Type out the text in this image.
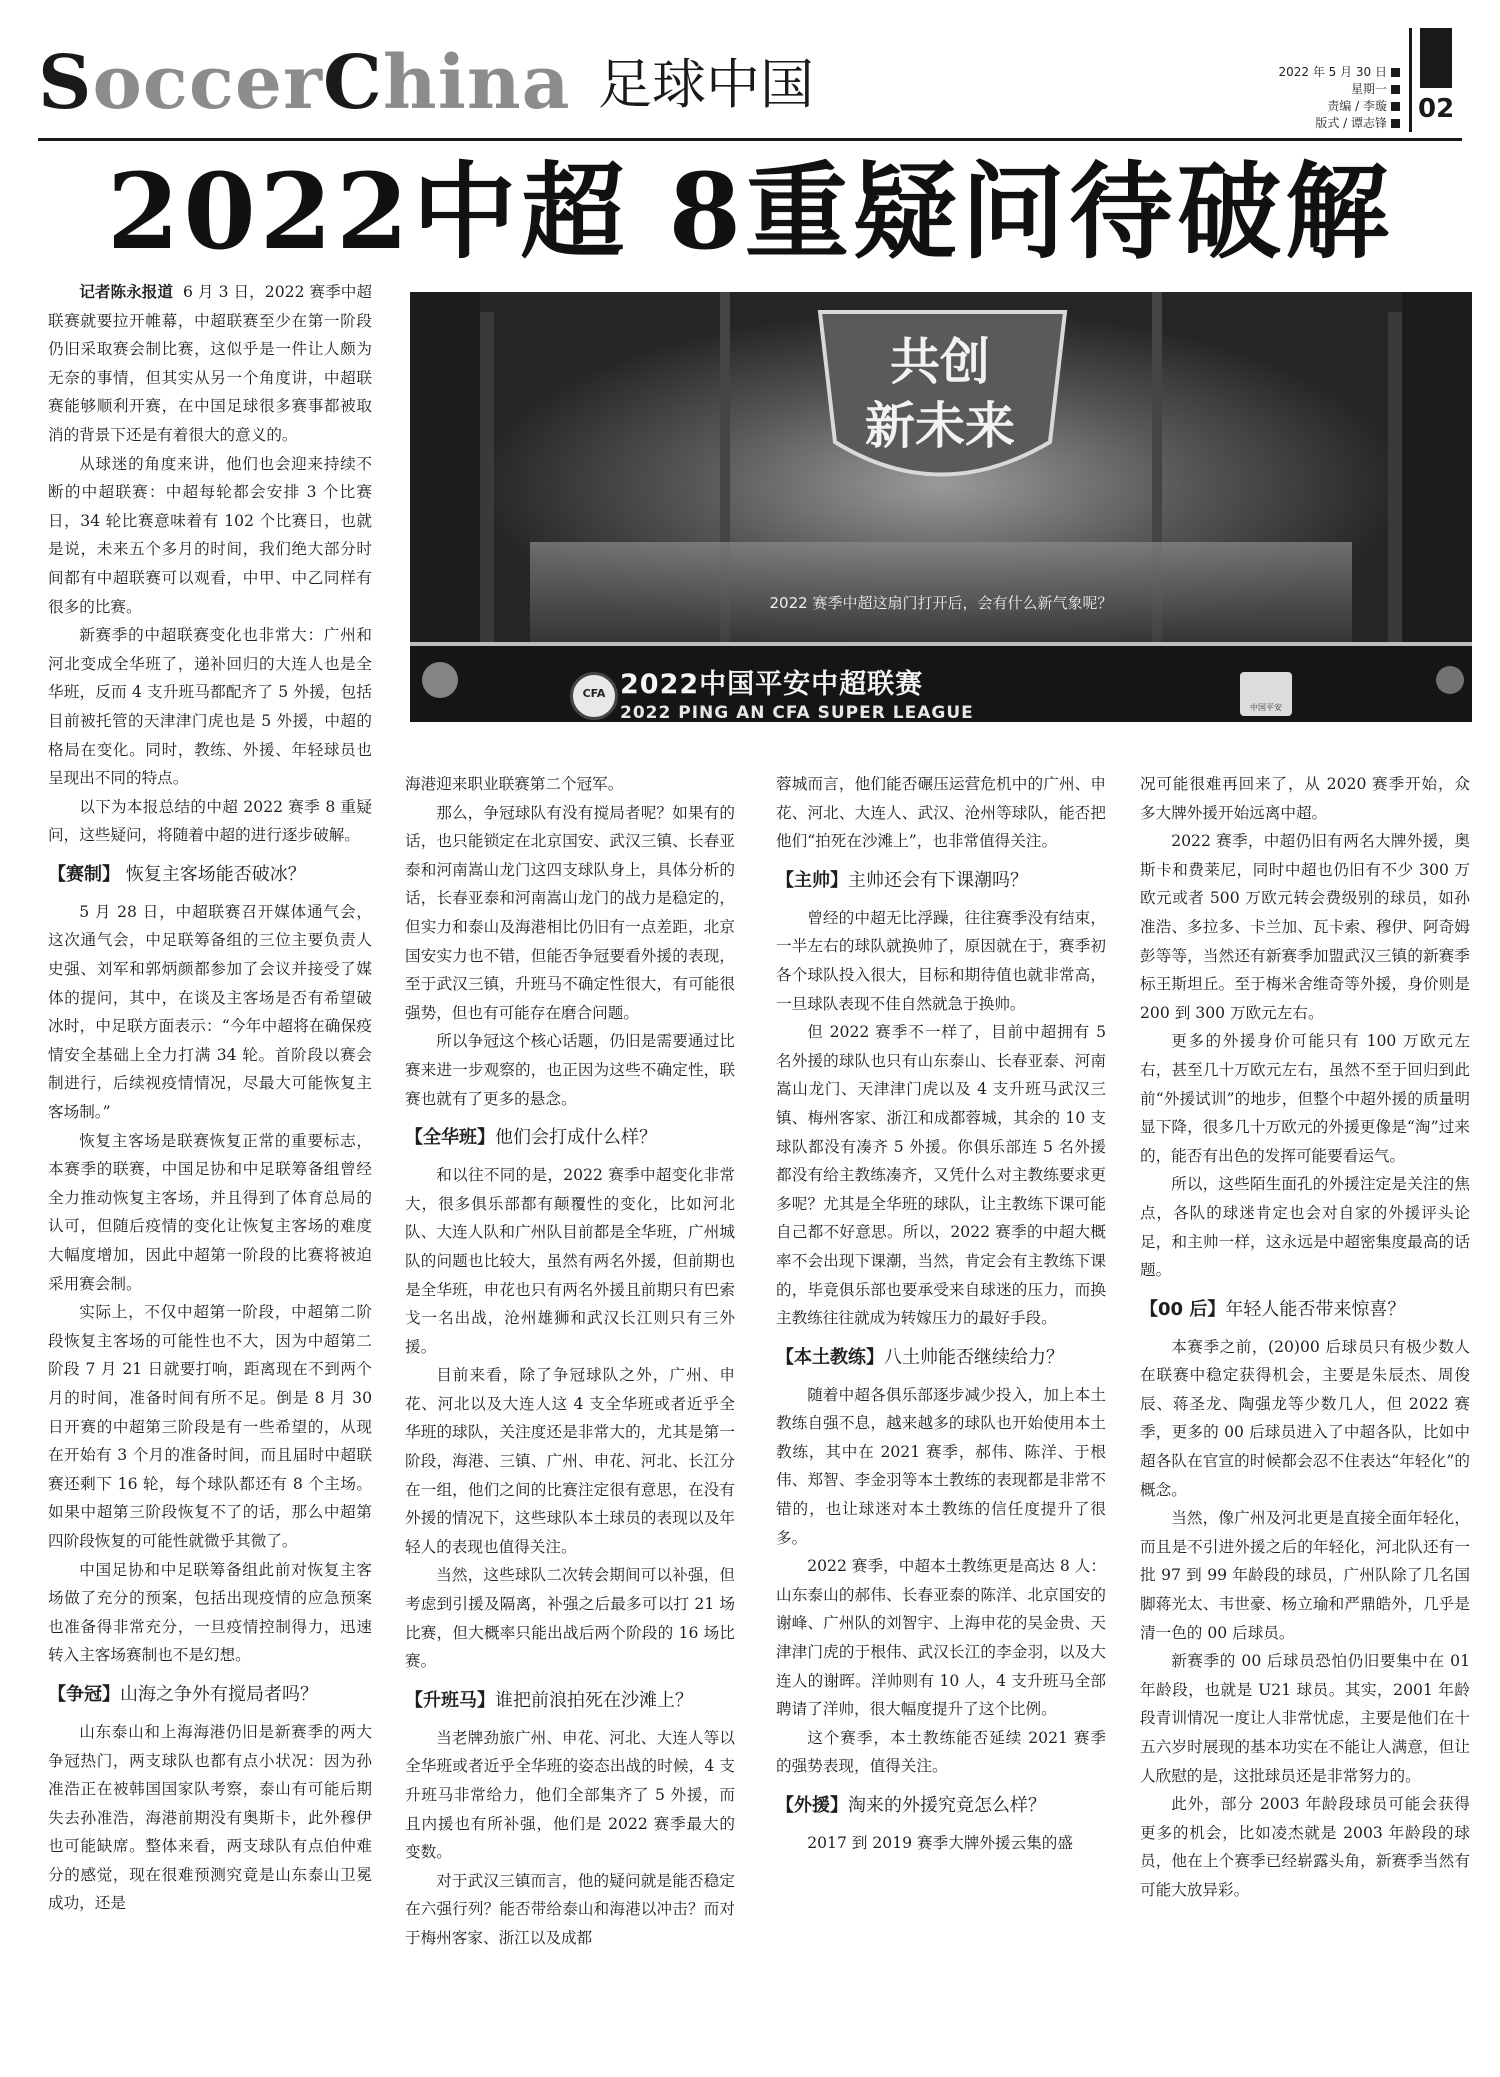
SoccerChina 足球中国	2022 年 5 月 30 日
星期一
责编 / 李璇
版式 / 谭志锋	02
2022中超 8重疑问待破解
共创
新未来
2022 赛季中超这扇门打开后，会有什么新气象呢？
CFA 2022中国平安中超联赛
2022 PING AN CFA SUPER LEAGUE	中国平安

记者陈永报道 6 月 3 日，2022 赛季中超联赛就要拉开帷幕，中超联赛至少在第一阶段仍旧采取赛会制比赛，这似乎是一件让人颇为无奈的事情，但其实从另一个角度讲，中超联赛能够顺利开赛，在中国足球很多赛事都被取消的背景下还是有着很大的意义的。

从球迷的角度来讲，他们也会迎来持续不断的中超联赛：中超每轮都会安排 3 个比赛日，34 轮比赛意味着有 102 个比赛日，也就是说，未来五个多月的时间，我们绝大部分时间都有中超联赛可以观看，中甲、中乙同样有很多的比赛。

新赛季的中超联赛变化也非常大：广州和河北变成全华班了，递补回归的大连人也是全华班，反而 4 支升班马都配齐了 5 外援，包括目前被托管的天津津门虎也是 5 外援，中超的格局在变化。同时，教练、外援、年轻球员也呈现出不同的特点。

以下为本报总结的中超 2022 赛季 8 重疑问，这些疑问，将随着中超的进行逐步破解。

【赛制】 恢复主客场能否破冰？

5 月 28 日，中超联赛召开媒体通气会，这次通气会，中足联筹备组的三位主要负责人史强、刘军和郭炳颜都参加了会议并接受了媒体的提问，其中，在谈及主客场是否有希望破冰时，中足联方面表示：“今年中超将在确保疫情安全基础上全力打满 34 轮。首阶段以赛会制进行，后续视疫情情况，尽最大可能恢复主客场制。”

恢复主客场是联赛恢复正常的重要标志，本赛季的联赛，中国足协和中足联筹备组曾经全力推动恢复主客场，并且得到了体育总局的认可，但随后疫情的变化让恢复主客场的难度大幅度增加，因此中超第一阶段的比赛将被迫采用赛会制。

实际上，不仅中超第一阶段，中超第二阶段恢复主客场的可能性也不大，因为中超第二阶段 7 月 21 日就要打响，距离现在不到两个月的时间，准备时间有所不足。倒是 8 月 30 日开赛的中超第三阶段是有一些希望的，从现在开始有 3 个月的准备时间，而且届时中超联赛还剩下 16 轮，每个球队都还有 8 个主场。如果中超第三阶段恢复不了的话，那么中超第四阶段恢复的可能性就微乎其微了。

中国足协和中足联筹备组此前对恢复主客场做了充分的预案，包括出现疫情的应急预案也准备得非常充分，一旦疫情控制得力，迅速转入主客场赛制也不是幻想。

【争冠】山海之争外有搅局者吗？

山东泰山和上海海港仍旧是新赛季的两大争冠热门，两支球队也都有点小状况：因为孙准浩正在被韩国国家队考察，泰山有可能后期失去孙准浩，海港前期没有奥斯卡，此外穆伊也可能缺席。整体来看，两支球队有点伯仲难分的感觉，现在很难预测究竟是山东泰山卫冕成功，还是

海港迎来职业联赛第二个冠军。

那么，争冠球队有没有搅局者呢？如果有的话，也只能锁定在北京国安、武汉三镇、长春亚泰和河南嵩山龙门这四支球队身上，具体分析的话，长春亚泰和河南嵩山龙门的战力是稳定的，但实力和泰山及海港相比仍旧有一点差距，北京国安实力也不错，但能否争冠要看外援的表现，至于武汉三镇，升班马不确定性很大，有可能很强势，但也有可能存在磨合问题。

所以争冠这个核心话题，仍旧是需要通过比赛来进一步观察的，也正因为这些不确定性，联赛也就有了更多的悬念。

【全华班】他们会打成什么样？

和以往不同的是，2022 赛季中超变化非常大，很多俱乐部都有颠覆性的变化，比如河北队、大连人队和广州队目前都是全华班，广州城队的问题也比较大，虽然有两名外援，但前期也是全华班，申花也只有两名外援且前期只有巴索戈一名出战，沧州雄狮和武汉长江则只有三外援。

目前来看，除了争冠球队之外，广州、申花、河北以及大连人这 4 支全华班或者近乎全华班的球队，关注度还是非常大的，尤其是第一阶段，海港、三镇、广州、申花、河北、长江分在一组，他们之间的比赛注定很有意思，在没有外援的情况下，这些球队本土球员的表现以及年轻人的表现也值得关注。

当然，这些球队二次转会期间可以补强，但考虑到引援及隔离，补强之后最多可以打 21 场比赛，但大概率只能出战后两个阶段的 16 场比赛。

【升班马】谁把前浪拍死在沙滩上？

当老牌劲旅广州、申花、河北、大连人等以全华班或者近乎全华班的姿态出战的时候，4 支升班马非常给力，他们全部集齐了 5 外援，而且内援也有所补强，他们是 2022 赛季最大的变数。

对于武汉三镇而言，他的疑问就是能否稳定在六强行列？能否带给泰山和海港以冲击？而对于梅州客家、浙江以及成都

蓉城而言，他们能否碾压运营危机中的广州、申花、河北、大连人、武汉、沧州等球队，能否把他们“拍死在沙滩上”，也非常值得关注。

【主帅】主帅还会有下课潮吗？

曾经的中超无比浮躁，往往赛季没有结束，一半左右的球队就换帅了，原因就在于，赛季初各个球队投入很大，目标和期待值也就非常高，一旦球队表现不佳自然就急于换帅。

但 2022 赛季不一样了，目前中超拥有 5 名外援的球队也只有山东泰山、长春亚泰、河南嵩山龙门、天津津门虎以及 4 支升班马武汉三镇、梅州客家、浙江和成都蓉城，其余的 10 支球队都没有凑齐 5 外援。你俱乐部连 5 名外援都没有给主教练凑齐，又凭什么对主教练要求更多呢？尤其是全华班的球队，让主教练下课可能自己都不好意思。所以，2022 赛季的中超大概率不会出现下课潮，当然，肯定会有主教练下课的，毕竟俱乐部也要承受来自球迷的压力，而换主教练往往就成为转嫁压力的最好手段。

【本土教练】八土帅能否继续给力？

随着中超各俱乐部逐步减少投入，加上本土教练自强不息，越来越多的球队也开始使用本土教练，其中在 2021 赛季，郝伟、陈洋、于根伟、郑智、李金羽等本土教练的表现都是非常不错的，也让球迷对本土教练的信任度提升了很多。

2022 赛季，中超本土教练更是高达 8 人：山东泰山的郝伟、长春亚泰的陈洋、北京国安的谢峰、广州队的刘智宇、上海申花的吴金贵、天津津门虎的于根伟、武汉长江的李金羽，以及大连人的谢晖。洋帅则有 10 人，4 支升班马全部聘请了洋帅，很大幅度提升了这个比例。

这个赛季，本土教练能否延续 2021 赛季的强势表现，值得关注。

【外援】淘来的外援究竟怎么样？

2017 到 2019 赛季大牌外援云集的盛

况可能很难再回来了，从 2020 赛季开始，众多大牌外援开始远离中超。

2022 赛季，中超仍旧有两名大牌外援，奥斯卡和费莱尼，同时中超也仍旧有不少 300 万欧元或者 500 万欧元转会费级别的球员，如孙准浩、多拉多、卡兰加、瓦卡索、穆伊、阿奇姆彭等等，当然还有新赛季加盟武汉三镇的新赛季标王斯坦丘。至于梅米舍维奇等外援，身价则是 200 到 300 万欧元左右。

更多的外援身价可能只有 100 万欧元左右，甚至几十万欧元左右，虽然不至于回归到此前“外援试训”的地步，但整个中超外援的质量明显下降，很多几十万欧元的外援更像是“淘”过来的，能否有出色的发挥可能要看运气。

所以，这些陌生面孔的外援注定是关注的焦点，各队的球迷肯定也会对自家的外援评头论足，和主帅一样，这永远是中超密集度最高的话题。

【00 后】年轻人能否带来惊喜？

本赛季之前，(20)00 后球员只有极少数人在联赛中稳定获得机会，主要是朱辰杰、周俊辰、蒋圣龙、陶强龙等少数几人，但 2022 赛季，更多的 00 后球员进入了中超各队，比如中超各队在官宣的时候都会忍不住表达“年轻化”的概念。

当然，像广州及河北更是直接全面年轻化，而且是不引进外援之后的年轻化，河北队还有一批 97 到 99 年龄段的球员，广州队除了几名国脚蒋光太、韦世豪、杨立瑜和严鼎皓外，几乎是清一色的 00 后球员。

新赛季的 00 后球员恐怕仍旧要集中在 01 年龄段，也就是 U21 球员。其实，2001 年龄段青训情况一度让人非常忧虑，主要是他们在十五六岁时展现的基本功实在不能让人满意，但让人欣慰的是，这批球员还是非常努力的。

此外，部分 2003 年龄段球员可能会获得更多的机会，比如凌杰就是 2003 年龄段的球员，他在上个赛季已经崭露头角，新赛季当然有可能大放异彩。
